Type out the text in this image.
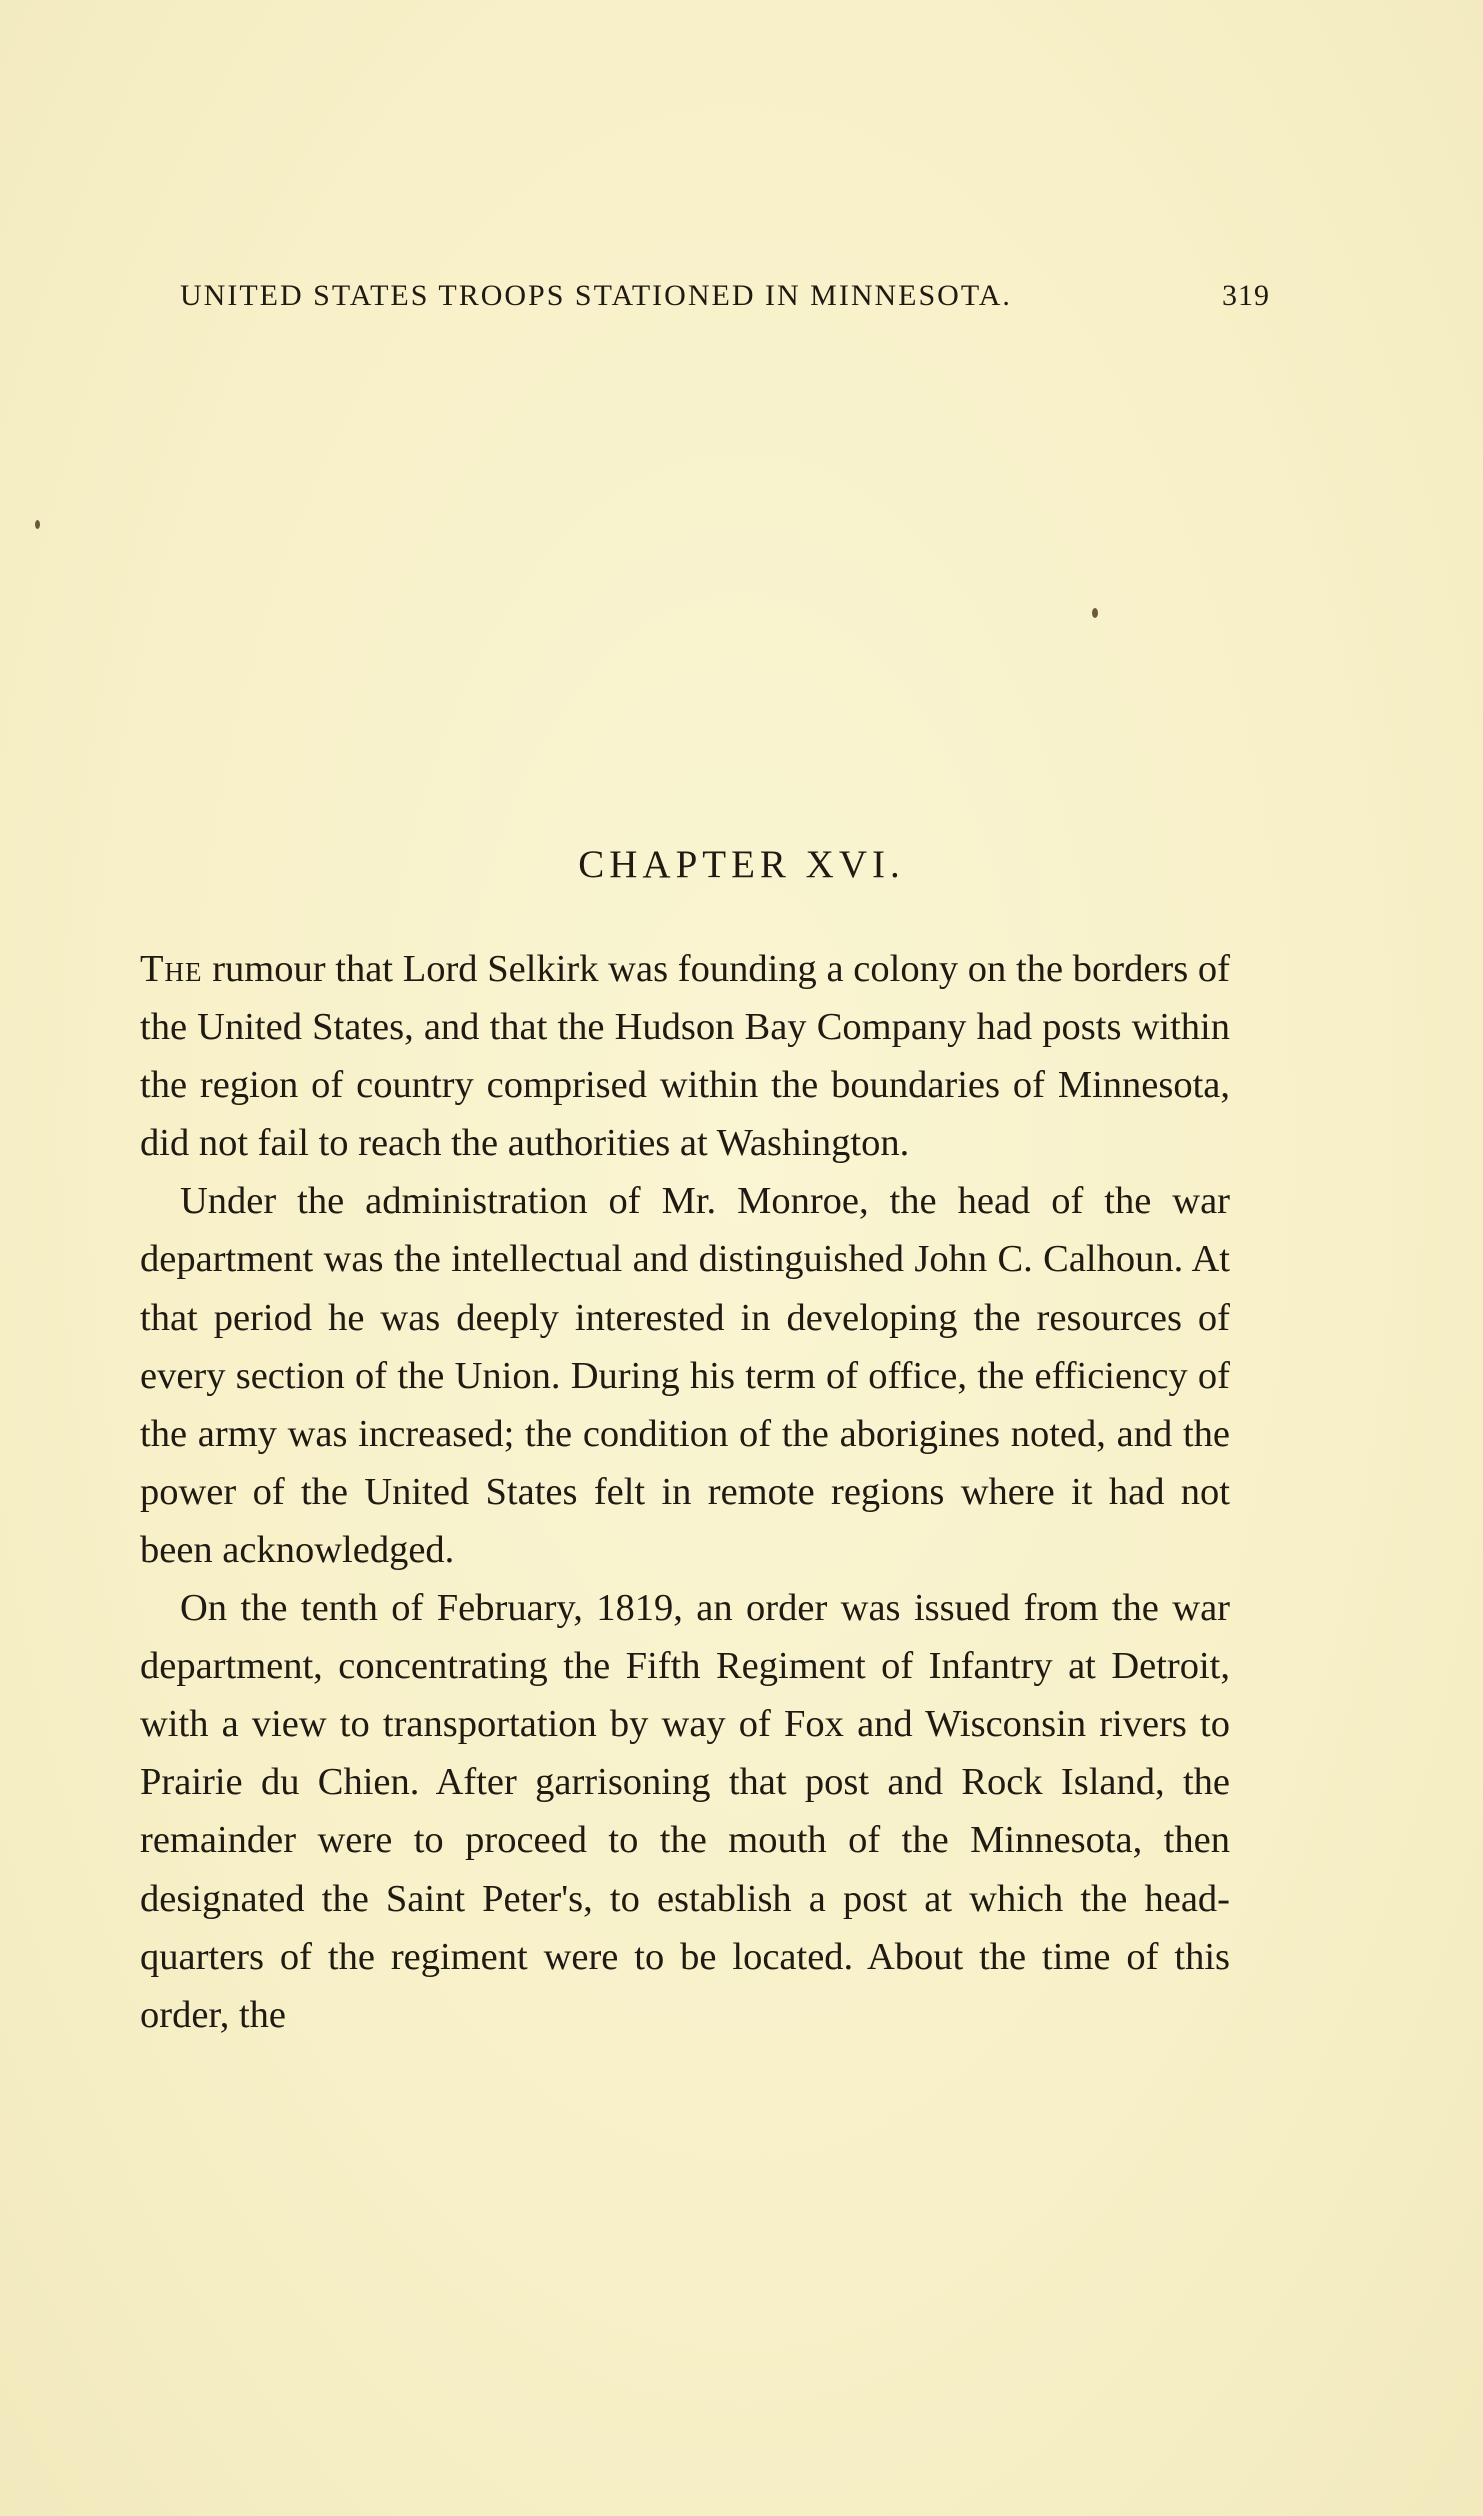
UNITED STATES TROOPS STATIONED IN MINNESOTA.	319
CHAPTER XVI.

The rumour that Lord Selkirk was founding a colony on the borders of the United States, and that the Hudson Bay Company had posts within the region of country comprised within the boundaries of Minnesota, did not fail to reach the authorities at Washington.

Under the administration of Mr. Monroe, the head of the war department was the intellectual and distinguished John C. Calhoun. At that period he was deeply interested in developing the resources of every section of the Union. During his term of office, the efficiency of the army was increased; the condition of the aborigines noted, and the power of the United States felt in remote regions where it had not been acknowledged.

On the tenth of February, 1819, an order was issued from the war department, concentrating the Fifth Regiment of Infantry at Detroit, with a view to transportation by way of Fox and Wisconsin rivers to Prairie du Chien. After garrisoning that post and Rock Island, the remainder were to proceed to the mouth of the Minnesota, then designated the Saint Peter's, to establish a post at which the head-quarters of the regiment were to be located. About the time of this order, the
